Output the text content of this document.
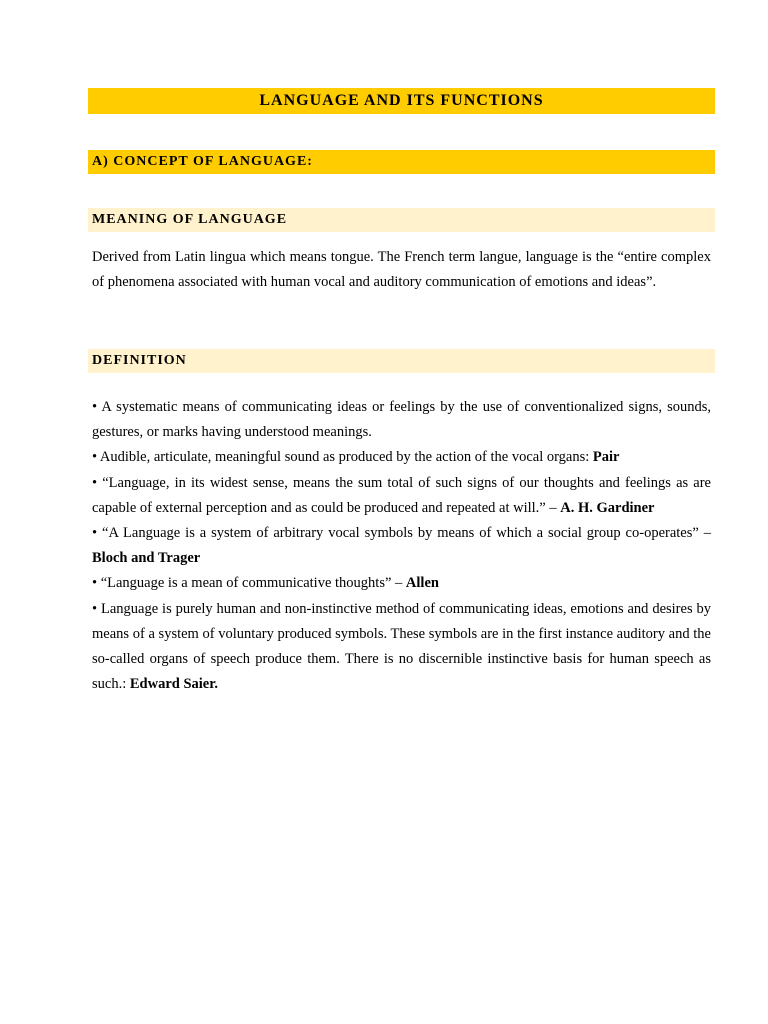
LANGUAGE AND ITS FUNCTIONS
A) CONCEPT OF LANGUAGE:
MEANING OF LANGUAGE
Derived from Latin lingua which means tongue. The French term langue, language is the “entire complex of phenomena associated with human vocal and auditory communication of emotions and ideas”.
DEFINITION

• A systematic means of communicating ideas or feelings by the use of conventionalized signs, sounds, gestures, or marks having understood meanings.

• Audible, articulate, meaningful sound as produced by the action of the vocal organs: Pair

• “Language, in its widest sense, means the sum total of such signs of our thoughts and feelings as are capable of external perception and as could be produced and repeated at will.” – A. H. Gardiner

• “A Language is a system of arbitrary vocal symbols by means of which a social group co-operates” – Bloch and Trager

• “Language is a mean of communicative thoughts” – Allen

• Language is purely human and non-instinctive method of communicating ideas, emotions and desires by means of a system of voluntary produced symbols. These symbols are in the first instance auditory and the so-called organs of speech produce them. There is no discernible instinctive basis for human speech as such.: Edward Saier.
